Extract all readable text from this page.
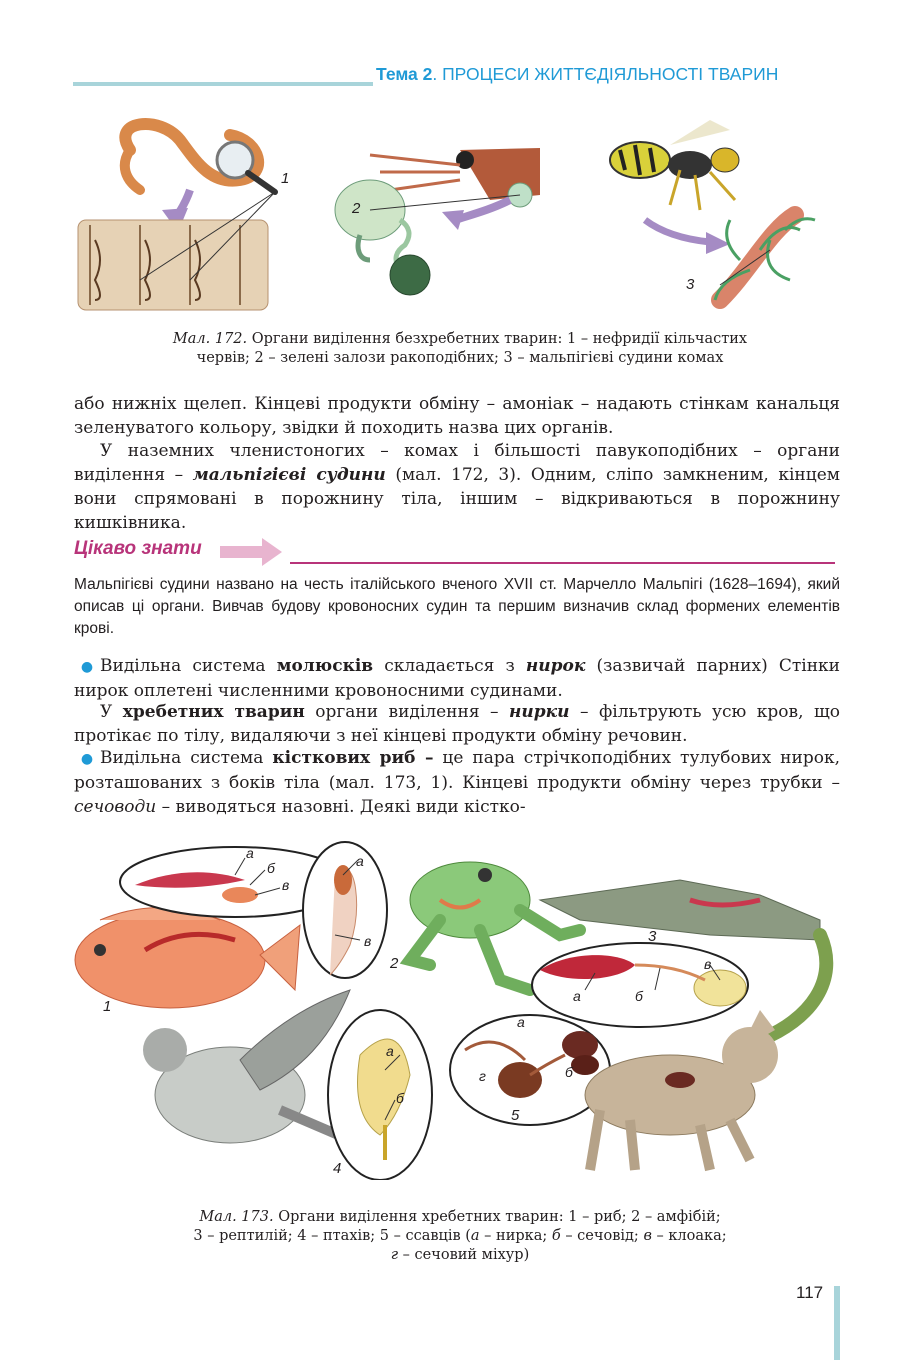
Тема 2. ПРОЦЕСИ ЖИТТЄДІЯЛЬНОСТІ ТВАРИН
1
2
3
Мал. 172. Органи виділення безхребетних тварин: 1 – нефридії кільчастих
червів; 2 – зелені залози ракоподібних; 3 – мальпігієві судини комах
або нижніх щелеп. Кінцеві продукти обміну – амоніак – надають стінкам канальця зеленуватого кольору, звідки й походить назва цих органів.
У наземних членистоногих – комах і більшості павукоподібних – органи виділення – мальпігієві судини (мал. 172, 3). Одним, сліпо замкненим, кінцем вони спрямовані в порожнину тіла, іншим – відкриваються в порожнину кишківника.
Цікаво знати
Мальпігієві судини названо на честь італійського вченого XVII ст. Марчелло Мальпігі (1628–1694), який описав ці органи. Вивчав будову кровоносних судин та першим визначив склад формених елементів крові.
● Видільна система молюсків складається з нирок (зазвичай парних) Стінки нирок оплетені численними кровоносними судинами.
У хребетних тварин органи виділення – нирки – фільтрують усю кров, що протікає по тілу, видаляючи з неї кінцеві продукти обміну речовин.
● Видільна система кісткових риб – це пара стрічкоподібних тулубових нирок, розташованих з боків тіла (мал. 173, 1). Кінцеві продукти обміну через трубки – сечоводи – виводяться назовні. Деякі види кістко-
1
2
3
4
5
а
б
в
а
в
а	б
в
а
б
а
б
г
Мал. 173. Органи виділення хребетних тварин: 1 – риб; 2 – амфібій;
3 – рептилій; 4 – птахів; 5 – ссавців (а – нирка; б – сечовід; в – клоака;
г – сечовий міхур)
117
